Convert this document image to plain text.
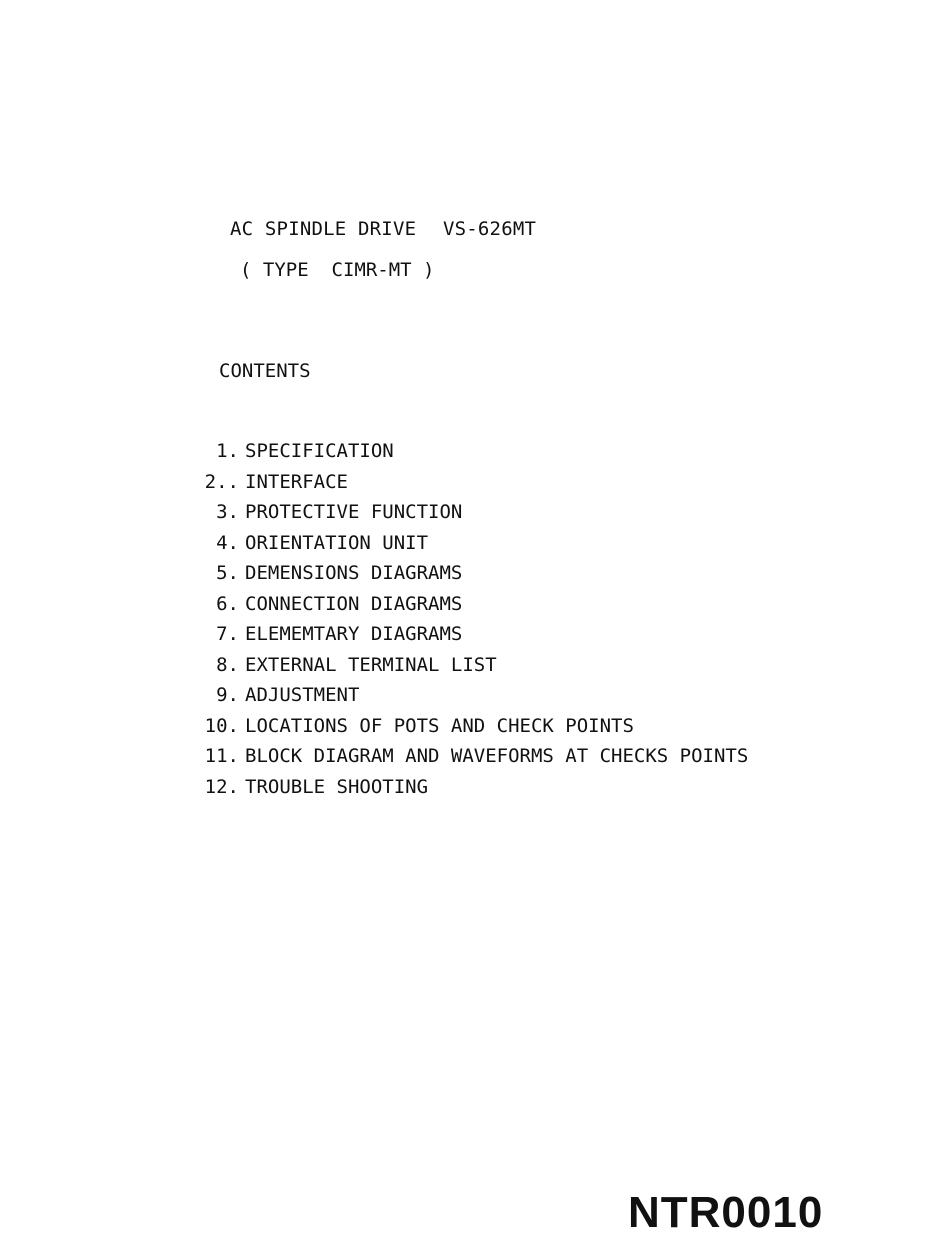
AC SPINDLE DRIVE VS-626MT
( TYPE  CIMR-MT )
CONTENTS
1. SPECIFICATION
2.. INTERFACE
3. PROTECTIVE FUNCTION
4. ORIENTATION UNIT
5. DEMENSIONS DIAGRAMS
6. CONNECTION DIAGRAMS
7. ELEMEMTARY DIAGRAMS
8. EXTERNAL TERMINAL LIST
9. ADJUSTMENT
10. LOCATIONS OF POTS AND CHECK POINTS
11. BLOCK DIAGRAM AND WAVEFORMS AT CHECKS POINTS
12. TROUBLE SHOOTING
NTR0010
